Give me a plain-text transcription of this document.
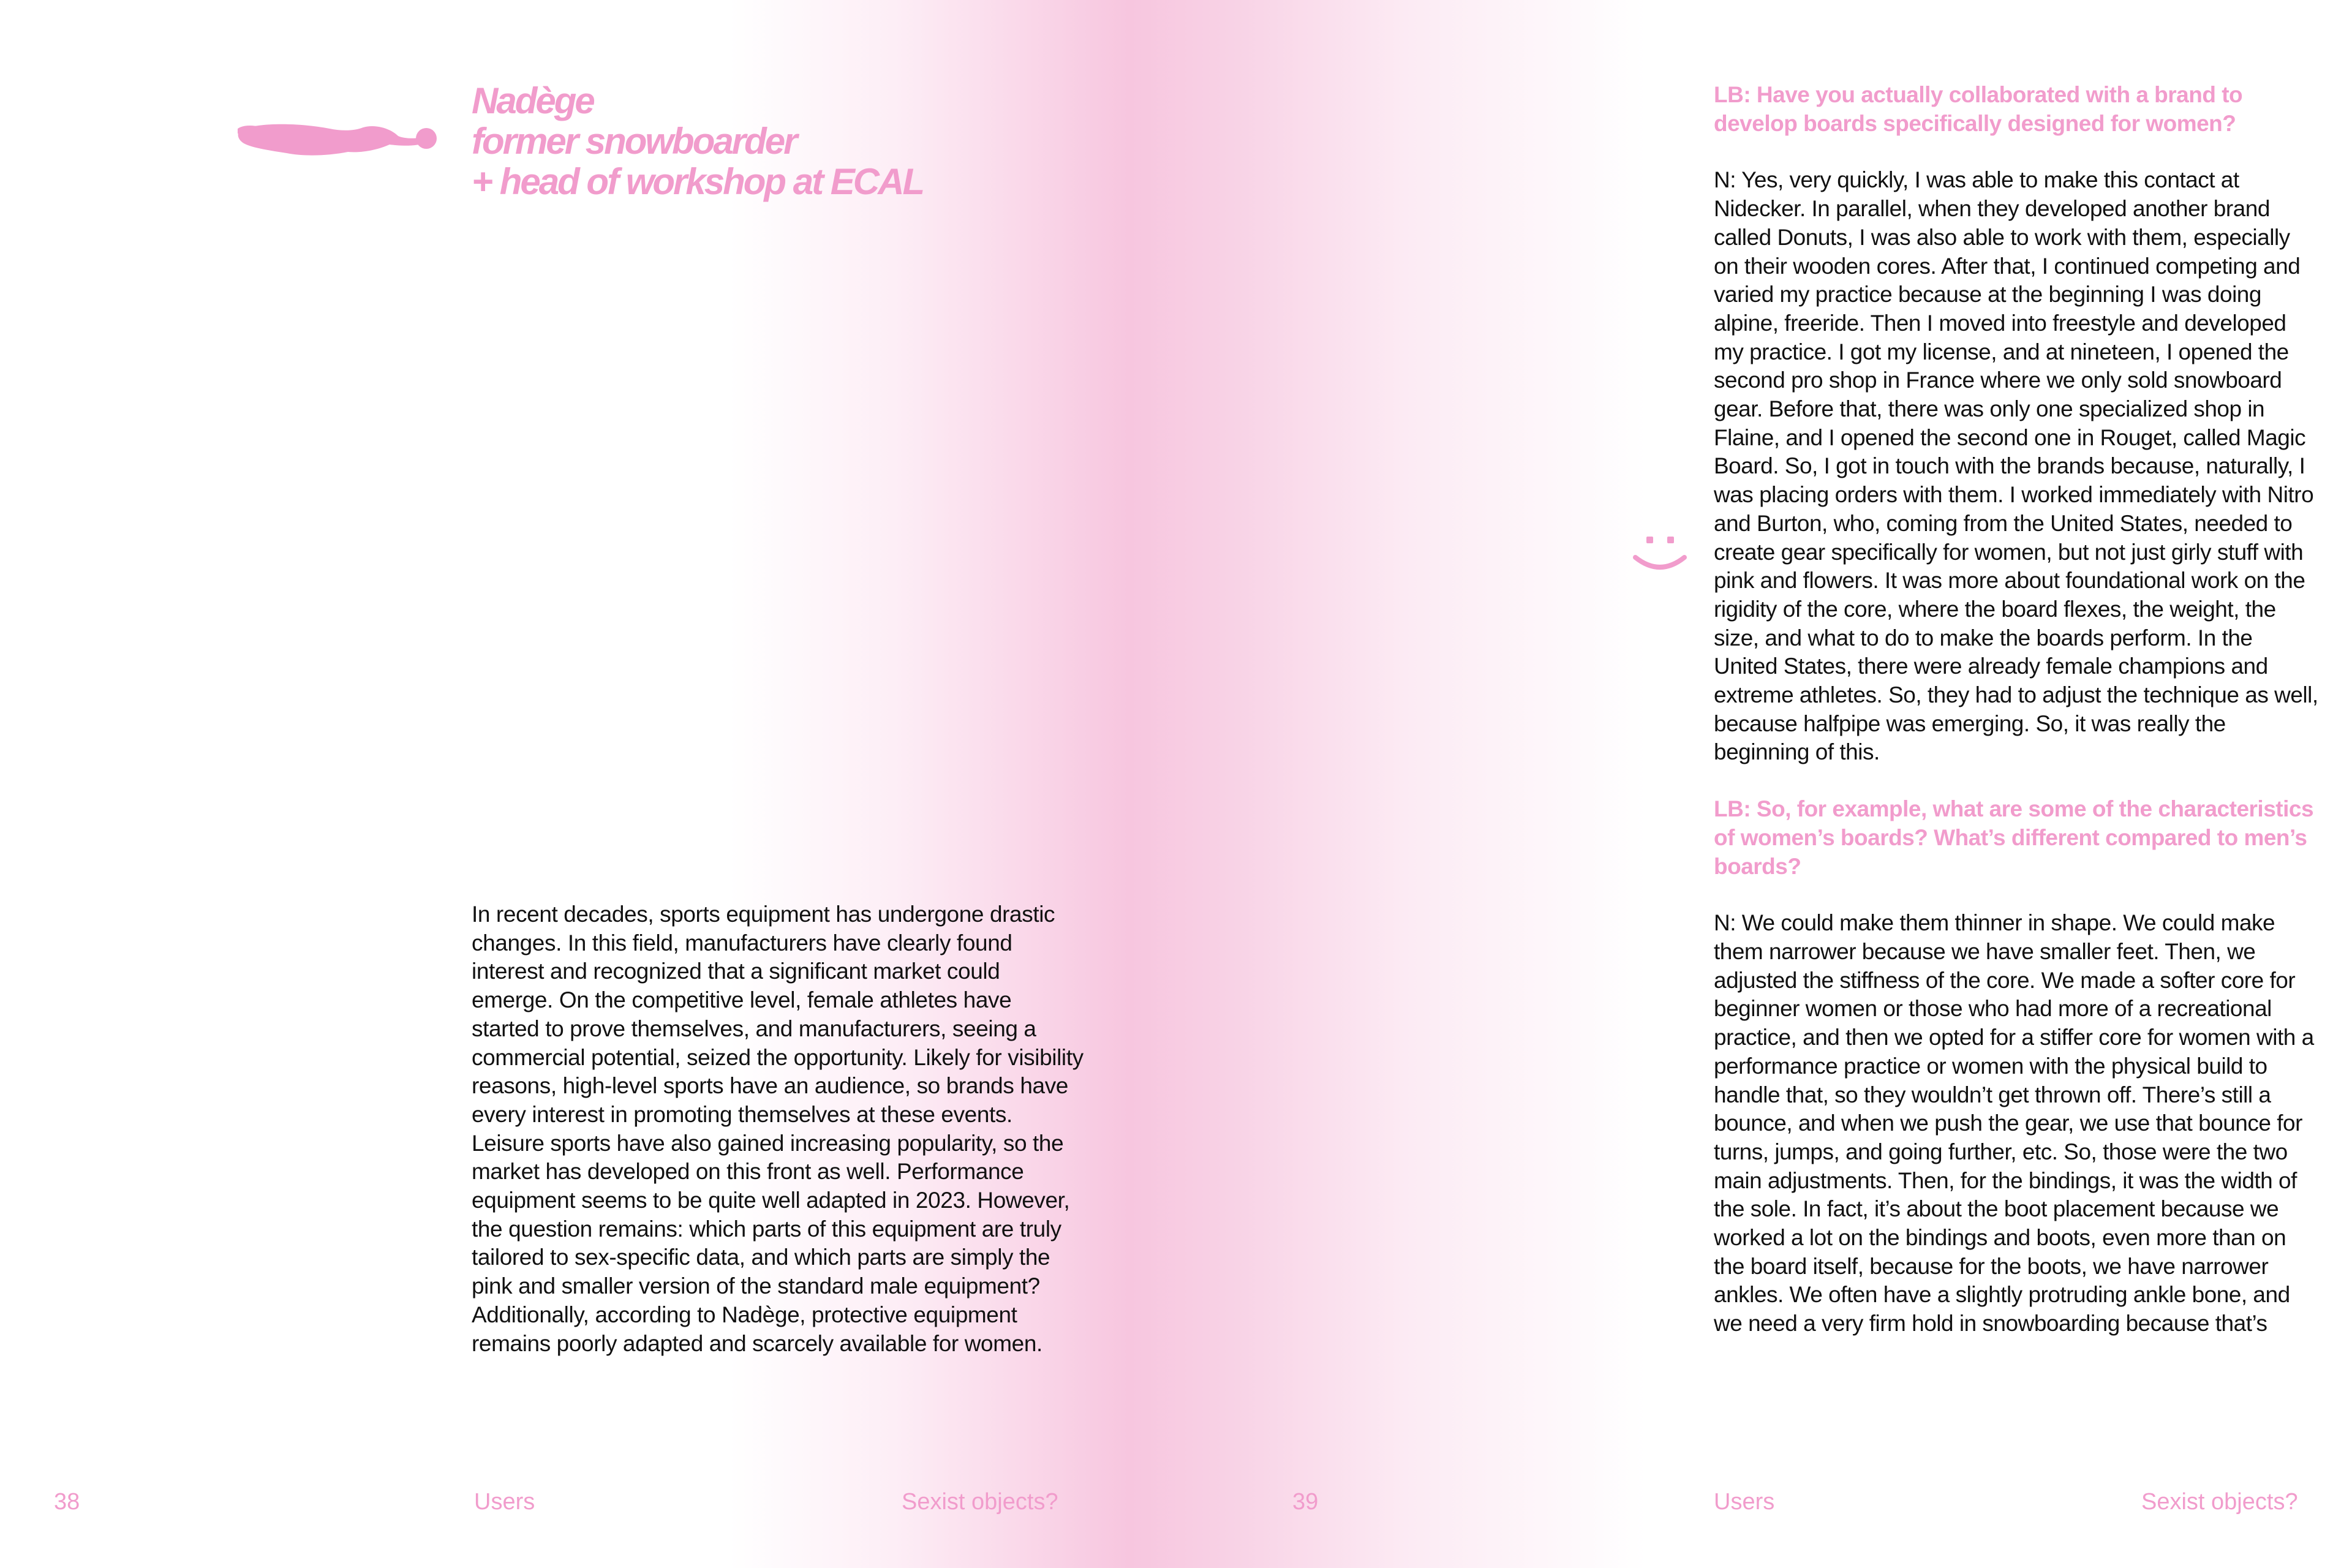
Nadège
former snowboarder
+ head of workshop at ECAL

In recent decades, sports equipment has undergone drastic changes. In this field, manufacturers have clearly found interest and recognized that a significant market could emerge. On the competitive level, female athletes have started to prove themselves, and manufacturers, seeing a commercial potential, seized the opportunity. Likely for visibility reasons, high-level sports have an audience, so brands have every interest in promoting themselves at these events. Leisure sports have also gained increasing popularity, so the market has developed on this front as well. Performance equipment seems to be quite well adapted in 2023. However, the question remains: which parts of this equipment are truly tailored to sex-specific data, and which parts are simply the pink and smaller version of the standard male equipment? Additionally, according to Nadège, protective equipment remains poorly adapted and scarcely available for women.

38	Users	Sexist objects?

LB: Have you actually collaborated with a brand to develop boards specifically designed for women?

N: Yes, very quickly, I was able to make this contact at Nidecker. In parallel, when they developed another brand called Donuts, I was also able to work with them, especially on their wooden cores. After that, I continued competing and varied my practice because at the beginning I was doing alpine, freeride. Then I moved into freestyle and developed my practice. I got my license, and at nineteen, I opened the second pro shop in France where we only sold snowboard gear. Before that, there was only one specialized shop in Flaine, and I opened the second one in Rouget, called Magic Board. So, I got in touch with the brands because, naturally, I was placing orders with them. I worked immediately with Nitro and Burton, who, coming from the United States, needed to create gear specifically for women, but not just girly stuff with pink and flowers. It was more about foundational work on the rigidity of the core, where the board flexes, the weight, the size, and what to do to make the boards perform. In the United States, there were already female champions and extreme athletes. So, they had to adjust the technique as well, because halfpipe was emerging. So, it was really the beginning of this.

LB: So, for example, what are some of the characteristics of women’s boards? What’s different compared to men’s boards?

N: We could make them thinner in shape. We could make them narrower because we have smaller feet. Then, we adjusted the stiffness of the core. We made a softer core for beginner women or those who had more of a recreational practice, and then we opted for a stiffer core for women with a performance practice or women with the physical build to handle that, so they wouldn’t get thrown off. There’s still a bounce, and when we push the gear, we use that bounce for turns, jumps, and going further, etc. So, those were the two main adjustments. Then, for the bindings, it was the width of the sole. In fact, it’s about the boot placement because we worked a lot on the bindings and boots, even more than on the board itself, because for the boots, we have narrower ankles. We often have a slightly protruding ankle bone, and we need a very firm hold in snowboarding because that’s

39	Users	Sexist objects?
